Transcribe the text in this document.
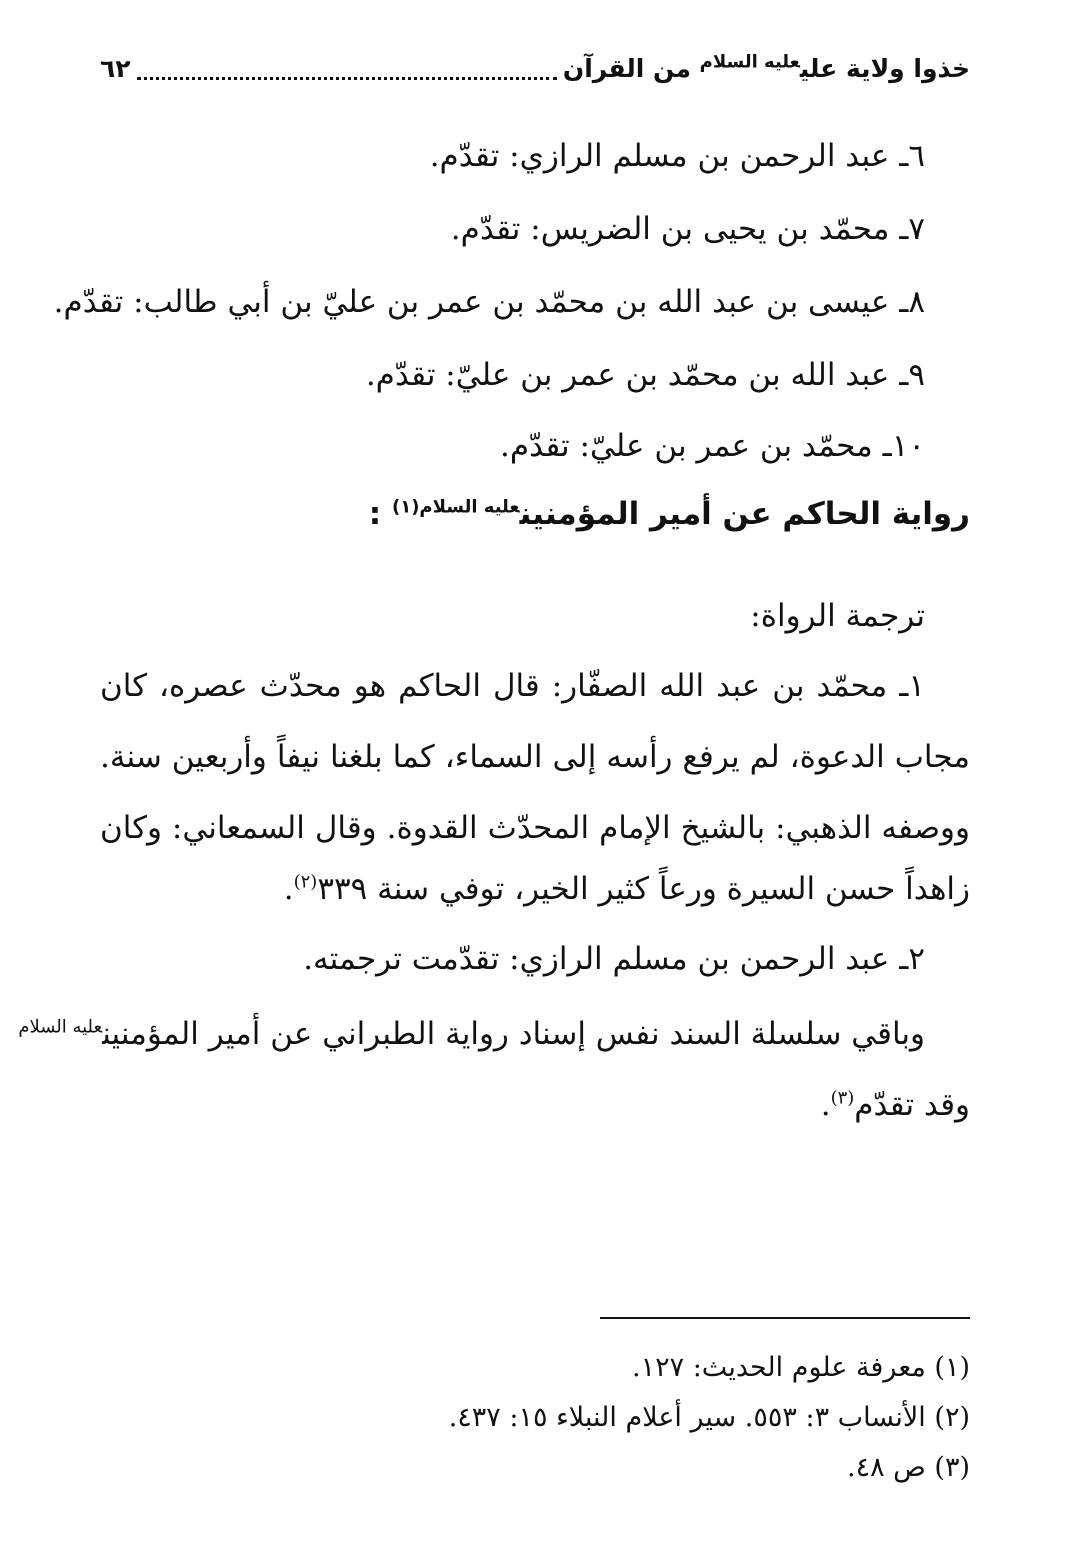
خذوا ولاية علي$^{عليه السلام}$ من القرآن
٦٢
٦ـ عبد الرحمن بن مسلم الرازي: تقدّم.
٧ـ محمّد بن يحيى بن الضريس: تقدّم.
٨ـ عيسى بن عبد الله بن محمّد بن عمر بن عليّ بن أبي طالب: تقدّم.
٩ـ عبد الله بن محمّد بن عمر بن عليّ: تقدّم.
١٠ـ محمّد بن عمر بن عليّ: تقدّم.
رواية الحاكم عن أمير المؤمنين$^{عليه السلام(١)}$ :
ترجمة الرواة:
١ـ محمّد بن عبد الله الصفّار: قال الحاكم هو محدّث عصره، كان
مجاب الدعوة، لم يرفع رأسه إلى السماء، كما بلغنا نيفاً وأربعين سنة.
ووصفه الذهبي: بالشيخ الإمام المحدّث القدوة. وقال السمعاني: وكان
زاهداً حسن السيرة ورعاً كثير الخير، توفي سنة ٣٣٩$^{(٢)}$.
٢ـ عبد الرحمن بن مسلم الرازي: تقدّمت ترجمته.
وباقي سلسلة السند نفس إسناد رواية الطبراني عن أمير المؤمنين$^{عليه السلام}$
وقد تقدّم$^{(٣)}$.
(١) معرفة علوم الحديث: ١٢٧.
(٢) الأنساب ٣: ٥٥٣. سير أعلام النبلاء ١٥: ٤٣٧.
(٣) ص ٤٨.
